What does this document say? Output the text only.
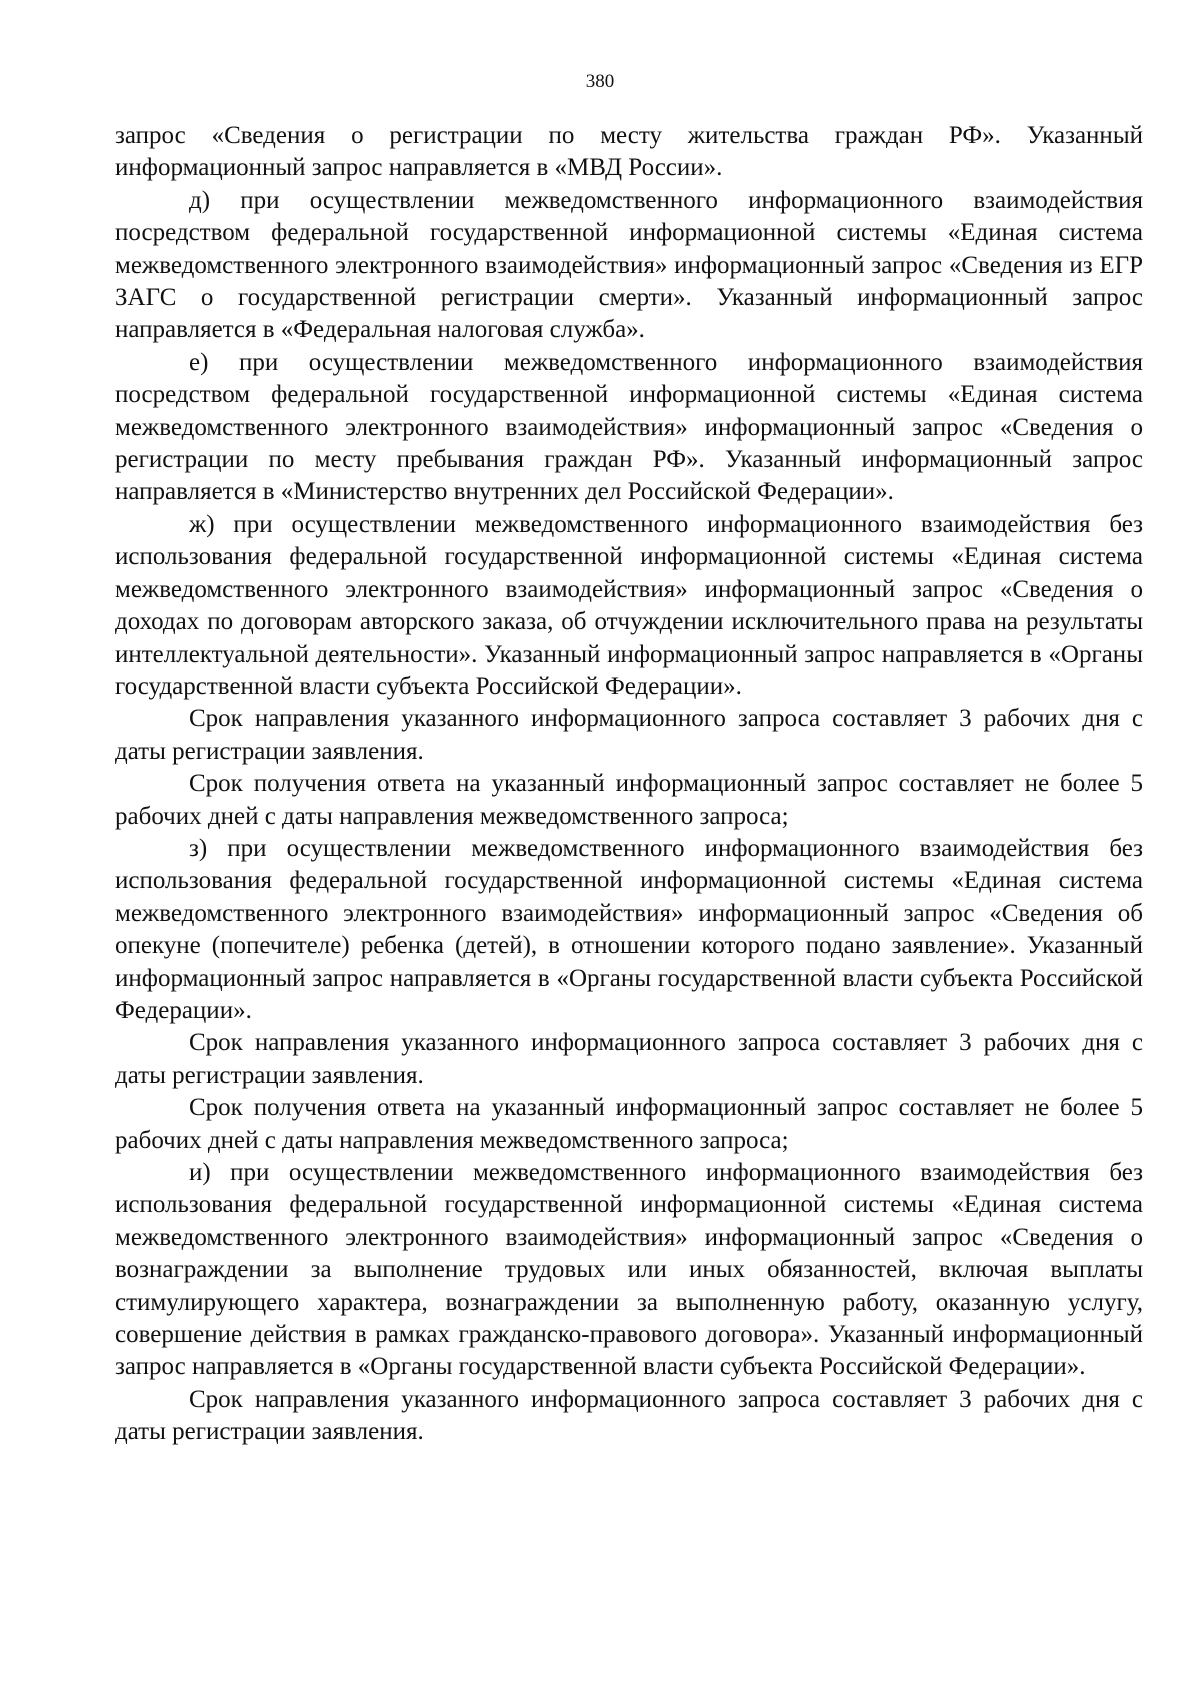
380

запрос «Сведения о регистрации по месту жительства граждан РФ». Указанный информационный запрос направляется в «МВД России».

д) при осуществлении межведомственного информационного взаимодействия посредством федеральной государственной информационной системы «Единая система межведомственного электронного взаимодействия» информационный запрос «Сведения из ЕГР ЗАГС о государственной регистрации смерти». Указанный информационный запрос направляется в «Федеральная налоговая служба».

е) при осуществлении межведомственного информационного взаимодействия посредством федеральной государственной информационной системы «Единая система межведомственного электронного взаимодействия» информационный запрос «Сведения о регистрации по месту пребывания граждан РФ». Указанный информационный запрос направляется в «Министерство внутренних дел Российской Федерации».

ж) при осуществлении межведомственного информационного взаимодействия без использования федеральной государственной информационной системы «Единая система межведомственного электронного взаимодействия» информационный запрос «Сведения о доходах по договорам авторского заказа, об отчуждении исключительного права на результаты интеллектуальной деятельности». Указанный информационный запрос направляется в «Органы государственной власти субъекта Российской Федерации».

Срок направления указанного информационного запроса составляет 3 рабочих дня с даты регистрации заявления.

Срок получения ответа на указанный информационный запрос составляет не более 5 рабочих дней с даты направления межведомственного запроса;

з) при осуществлении межведомственного информационного взаимодействия без использования федеральной государственной информационной системы «Единая система межведомственного электронного взаимодействия» информационный запрос «Сведения об опекуне (попечителе) ребенка (детей), в отношении которого подано заявление». Указанный информационный запрос направляется в «Органы государственной власти субъекта Российской Федерации».

Срок направления указанного информационного запроса составляет 3 рабочих дня с даты регистрации заявления.

Срок получения ответа на указанный информационный запрос составляет не более 5 рабочих дней с даты направления межведомственного запроса;

и) при осуществлении межведомственного информационного взаимодействия без использования федеральной государственной информационной системы «Единая система межведомственного электронного взаимодействия» информационный запрос «Сведения о вознаграждении за выполнение трудовых или иных обязанностей, включая выплаты стимулирующего характера, вознаграждении за выполненную работу, оказанную услугу, совершение действия в рамках гражданско-правового договора». Указанный информационный запрос направляется в «Органы государственной власти субъекта Российской Федерации».

Срок направления указанного информационного запроса составляет 3 рабочих дня с даты регистрации заявления.
